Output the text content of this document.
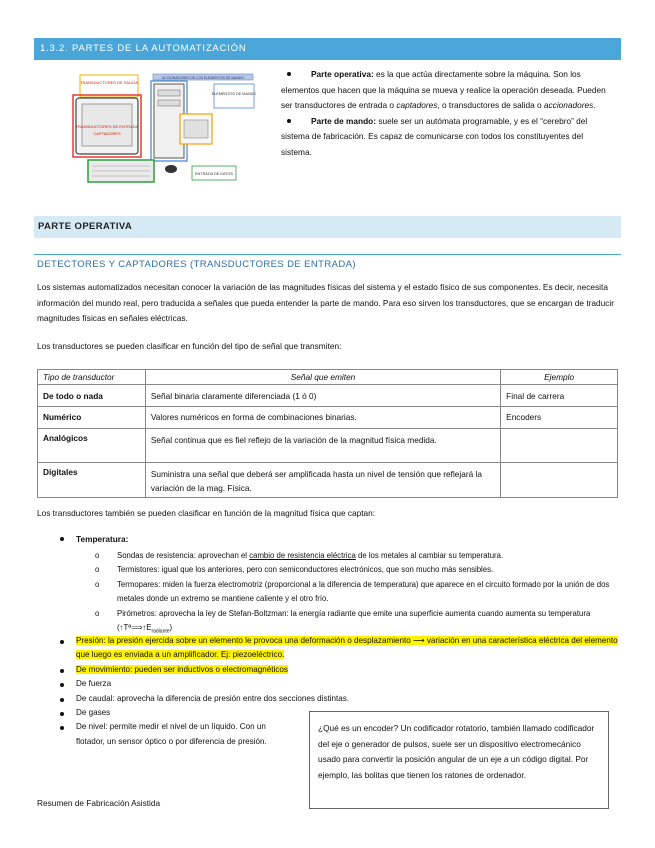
1.3.2. PARTES DE LA AUTOMATIZACIÓN
TRANSDUCTORES DE SALIDA
ACCIONADORES DE LOS ELEMENTOS DE MANDO
ELEMENTOS DE MANDO
ENTRADA DE DATOS
TRANSDUCTORES DE ENTRADA
CAPTADORES
Parte operativa: es la que actúa directamente sobre la máquina. Son los elementos que hacen que la máquina se mueva y realice la operación deseada. Pueden ser transductores de entrada o captadores, o transductores de salida o accionadores.
Parte de mando: suele ser un autómata programable, y es el “cerebro” del sistema de fabricación. Es capaz de comunicarse con todos los constituyentes del sistema.
PARTE OPERATIVA
DETECTORES Y CAPTADORES (TRANSDUCTORES DE ENTRADA)
Los sistemas automatizados necesitan conocer la variación de las magnitudes físicas del sistema y el estado físico de sus componentes. Es decir, necesita información del mundo real, pero traducida a señales que pueda entender la parte de mando. Para eso sirven los transductores, que se encargan de traducir magnitudes físicas en señales eléctricas.
Los transductores se pueden clasificar en función del tipo de señal que transmiten:
Tipo de transductor	Señal que emiten	Ejemplo
De todo o nada	Señal binaria claramente diferenciada (1 ó 0)	Final de carrera
Numérico	Valores numéricos en forma de combinaciones binarias.	Encoders
Analógicos	Señal continua que es fiel reflejo de la variación de la magnitud física medida.	
Digitales	Suministra una señal que deberá ser amplificada hasta un nivel de tensión que reflejará la variación de la mag. Física.	
Los transductores también se pueden clasificar en función de la magnitud física que captan:
Temperatura:
o Sondas de resistencia: aprovechan el cambio de resistencia eléctrica de los metales al cambiar su temperatura.
o Termistores: igual que los anteriores, pero con semiconductores electrónicos, que son mucho más sensibles.
o Termopares: miden la fuerza electromotriz (proporcional a la diferencia de temperatura) que aparece en el circuito formado por la unión de dos metales donde un extremo se mantiene caliente y el otro frío.
o Pirómetros: aprovecha la ley de Stefan-Boltzman: la energía radiante que emite una superficie aumenta cuando aumenta su temperatura $(↑Tª⟹↑E_{radiante})$
Presión: la presión ejercida sobre un elemento le provoca una deformación o desplazamiento ⟶ variación en una característica eléctrica del elemento que luego es enviada a un amplificador. Ej: piezoeléctrico.
De movimiento: pueden ser inductivos o electromagnéticos
De fuerza
De caudal: aprovecha la diferencia de presión entre dos secciones distintas.
De gases
De nivel: permite medir el nivel de un líquido. Con un flotador, un sensor óptico o por diferencia de presión.
¿Qué es un encoder? Un codificador rotatorio, también llamado codificador del eje o generador de pulsos, suele ser un dispositivo electromecánico usado para convertir la posición angular de un eje a un código digital. Por ejemplo, las bolitas que tienen los ratones de ordenador.
Resumen de Fabricación Asistida
